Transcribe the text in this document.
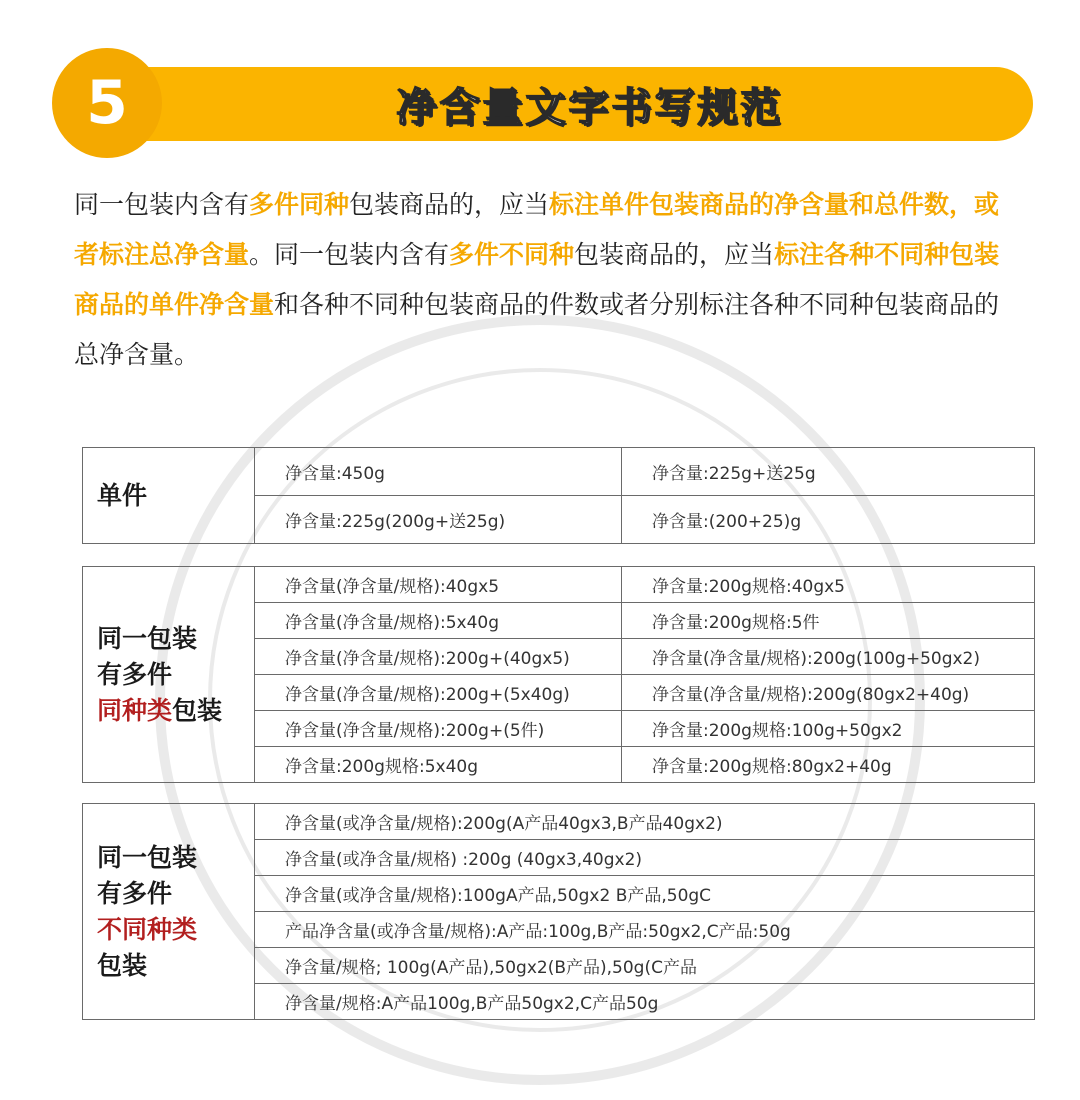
5	净含量文字书写规范
同一包装内含有多件同种包装商品的，应当标注单件包装商品的净含量和总件数，或者标注总净含量。同一包装内含有多件不同种包装商品的，应当标注各种不同种包装商品的单件净含量和各种不同种包装商品的件数或者分别标注各种不同种包装商品的总净含量。
单件	净含量:450g	净含量:225g+送25g
	净含量:225g(200g+送25g)	净含量:(200+25)g
同一包装
有多件
同种类包装	净含量(净含量/规格):40gx5	净含量:200g规格:40gx5
	净含量(净含量/规格):5x40g	净含量:200g规格:5件
	净含量(净含量/规格):200g+(40gx5)	净含量(净含量/规格):200g(100g+50gx2)
	净含量(净含量/规格):200g+(5x40g)	净含量(净含量/规格):200g(80gx2+40g)
	净含量(净含量/规格):200g+(5件)	净含量:200g规格:100g+50gx2
	净含量:200g规格:5x40g	净含量:200g规格:80gx2+40g
同一包装
有多件
不同种类
包装	净含量(或净含量/规格):200g(A产品40gx3,B产品40gx2)
净含量(或净含量/规格) :200g (40gx3,40gx2)
净含量(或净含量/规格):100gA产品,50gx2 B产品,50gC
产品净含量(或净含量/规格):A产品:100g,B产品:50gx2,C产品:50g
净含量/规格; 100g(A产品),50gx2(B产品),50g(C产品
净含量/规格:A产品100g,B产品50gx2,C产品50g
